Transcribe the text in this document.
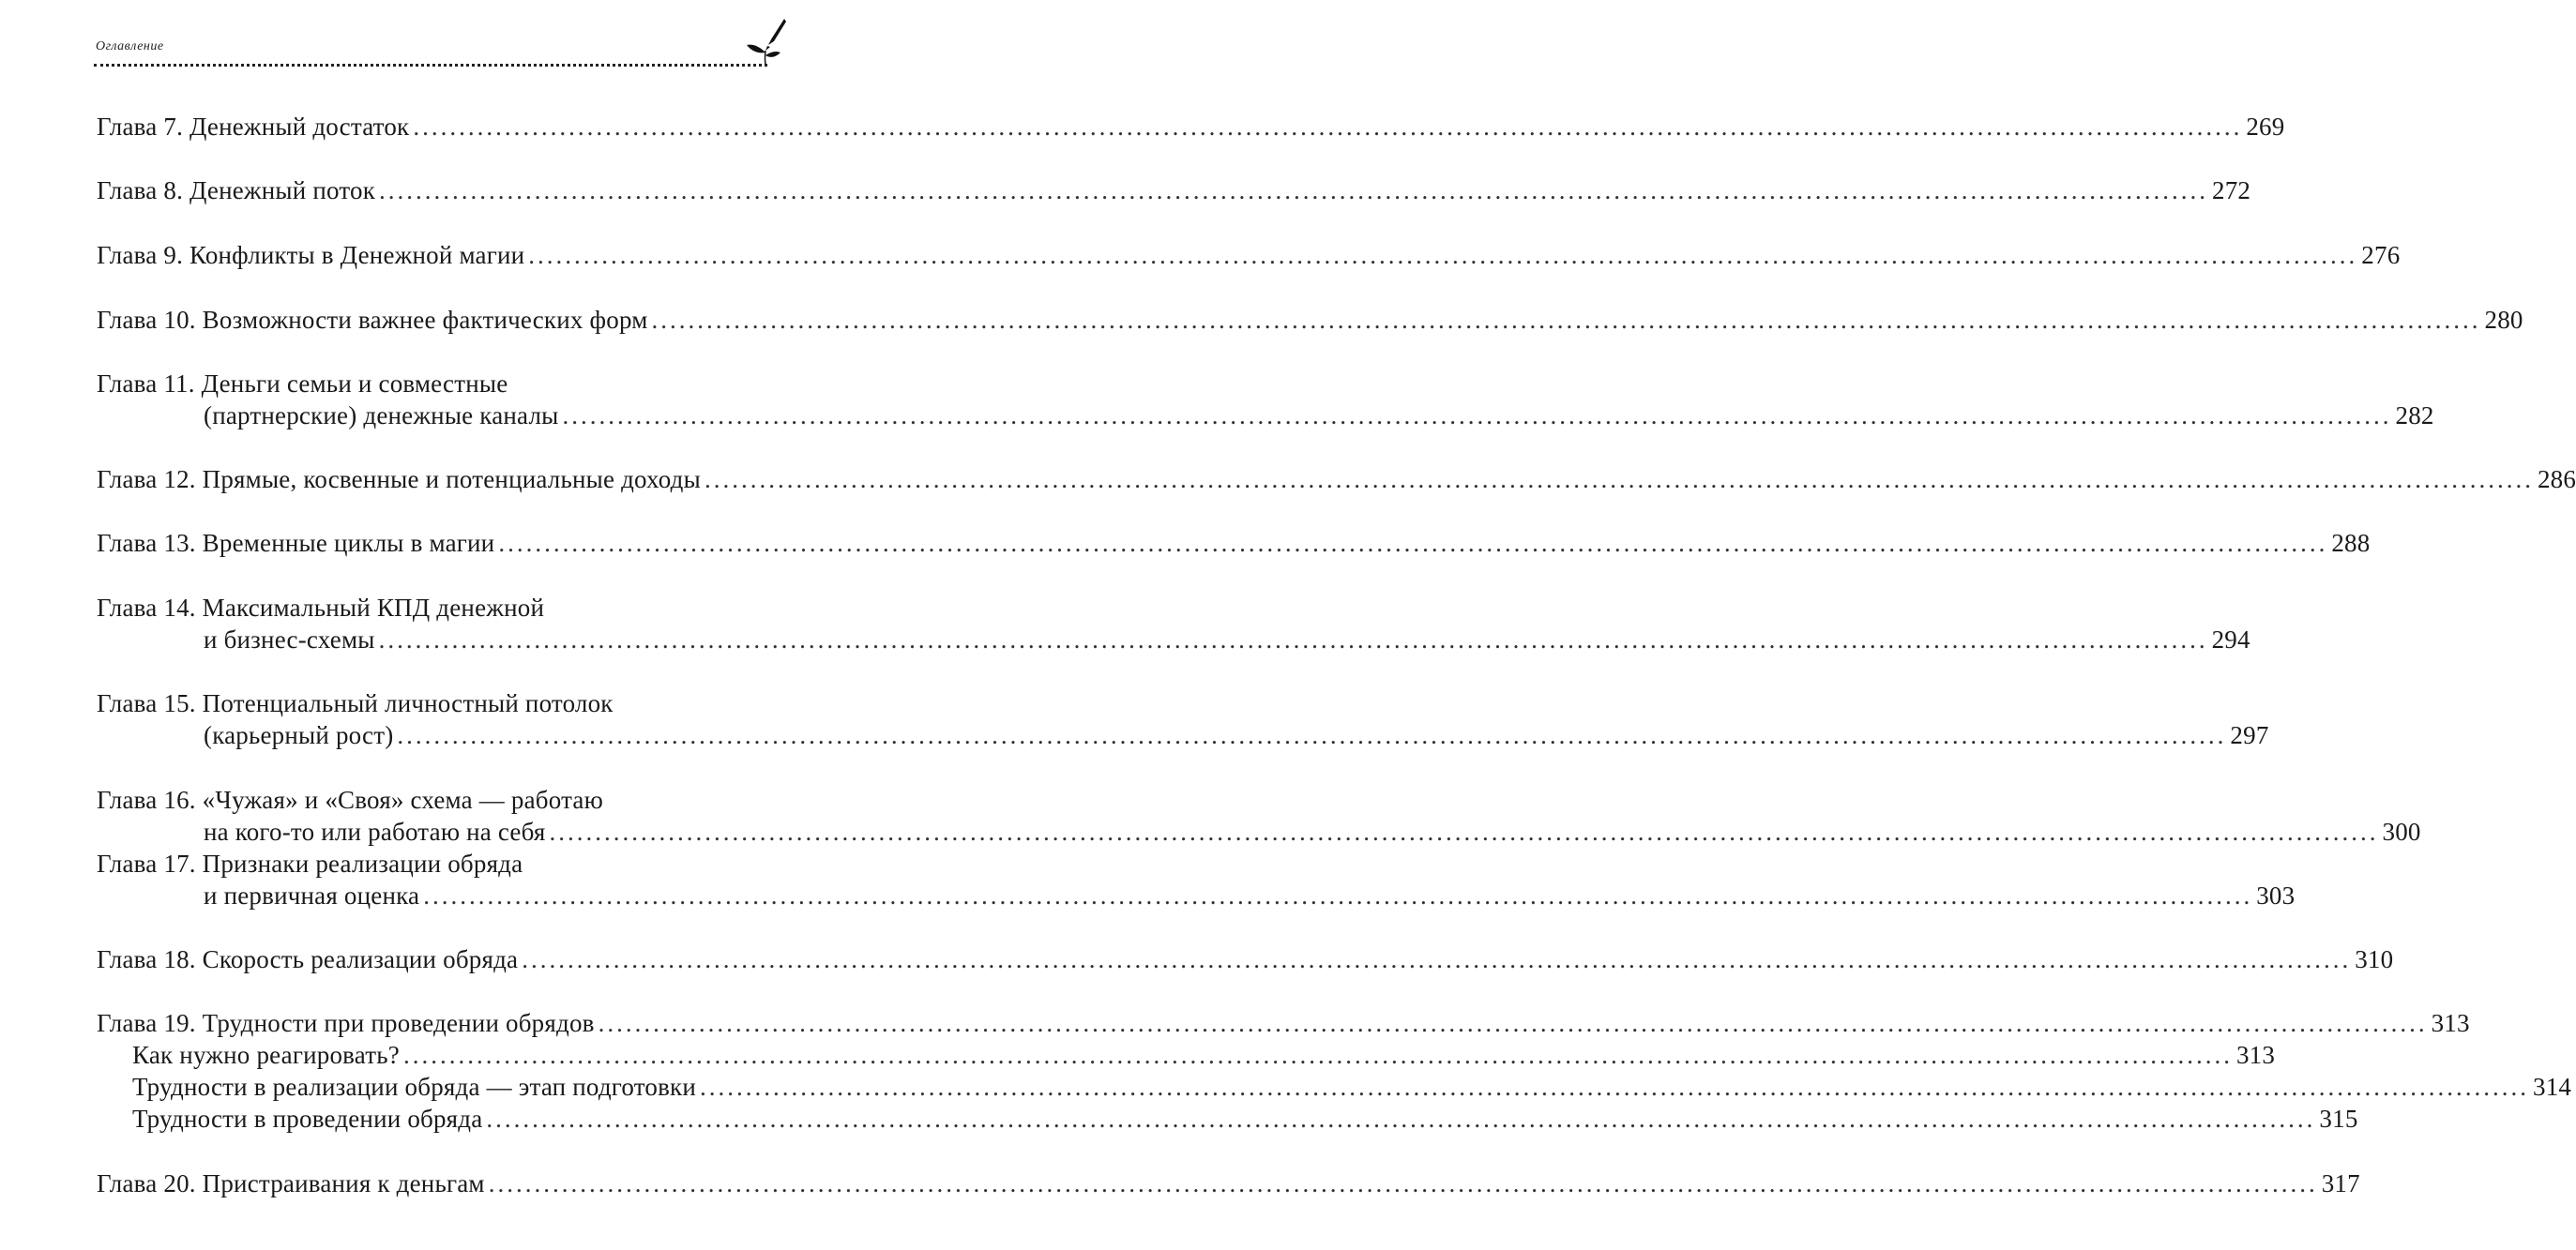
Оглавление
Глава 7. Денежный достаток ........................................................................................................................................................................................................ 269
Глава 8. Денежный поток ........................................................................................................................................................................................................ 272
Глава 9. Конфликты в Денежной магии ........................................................................................................................................................................................................ 276
Глава 10. Возможности важнее фактических форм ........................................................................................................................................................................................................ 280
Глава 11. Деньги семьи и совместные
(партнерские) денежные каналы ........................................................................................................................................................................................................ 282
Глава 12. Прямые, косвенные и потенциальные доходы ........................................................................................................................................................................................................ 286
Глава 13. Временные циклы в магии ........................................................................................................................................................................................................ 288
Глава 14. Максимальный КПД денежной
и бизнес-схемы ........................................................................................................................................................................................................ 294
Глава 15. Потенциальный личностный потолок
(карьерный рост) ........................................................................................................................................................................................................ 297
Глава 16. «Чужая» и «Своя» схема — работаю
на кого-то или работаю на себя ........................................................................................................................................................................................................ 300
Глава 17. Признаки реализации обряда
и первичная оценка ........................................................................................................................................................................................................ 303
Глава 18. Скорость реализации обряда ........................................................................................................................................................................................................ 310
Глава 19. Трудности при проведении обрядов ........................................................................................................................................................................................................ 313
Как нужно реагировать? ........................................................................................................................................................................................................ 313
Трудности в реализации обряда — этап подготовки ........................................................................................................................................................................................................ 314
Трудности в проведении обряда ........................................................................................................................................................................................................ 315
Глава 20. Пристраивания к деньгам ........................................................................................................................................................................................................ 317
